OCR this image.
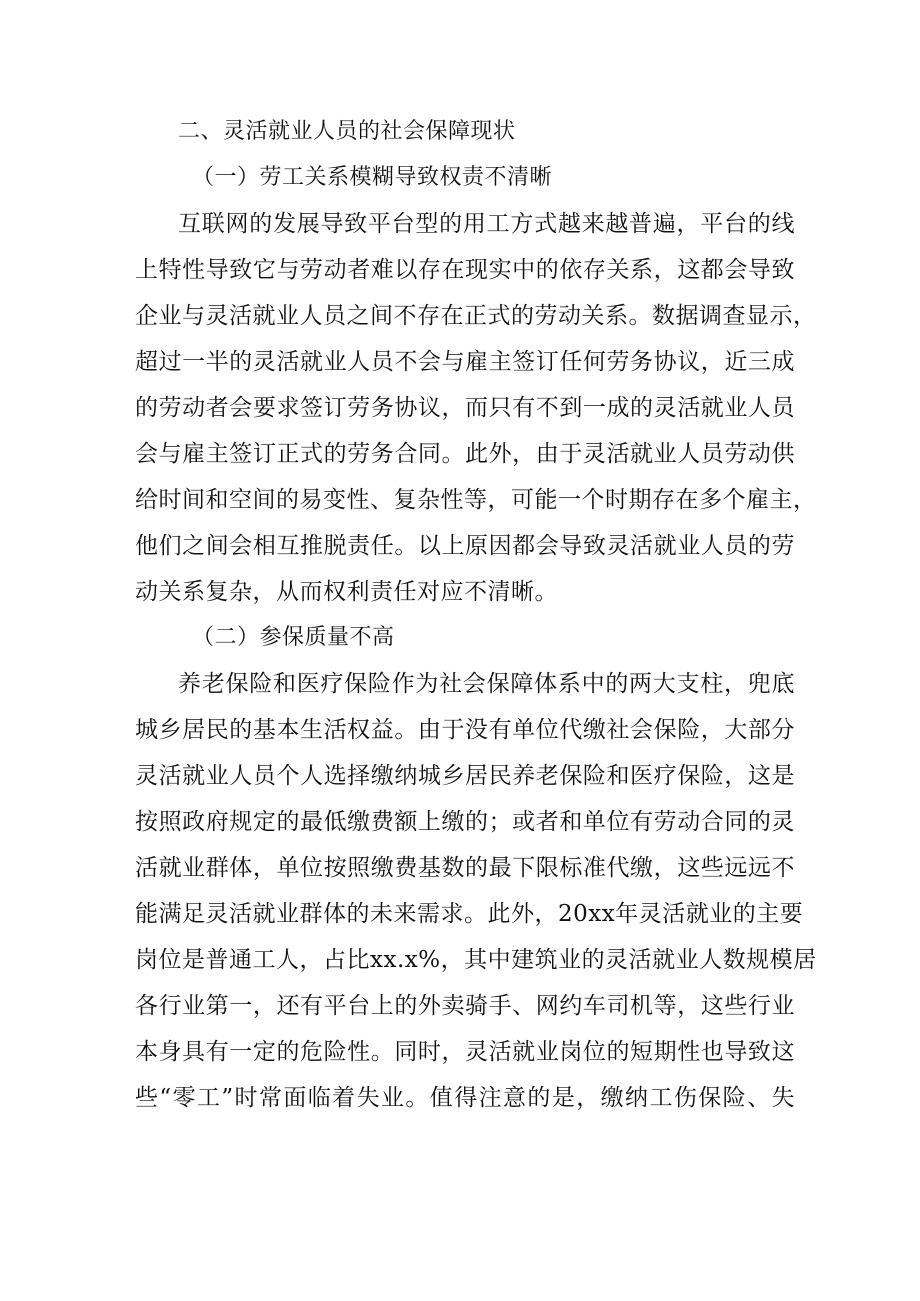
二、灵活就业人员的社会保障现状

（一）劳工关系模糊导致权责不清晰

互联网的发展导致平台型的用工方式越来越普遍，平台的线

上特性导致它与劳动者难以存在现实中的依存关系，这都会导致

企业与灵活就业人员之间不存在正式的劳动关系。数据调查显示，

超过一半的灵活就业人员不会与雇主签订任何劳务协议，近三成

的劳动者会要求签订劳务协议，而只有不到一成的灵活就业人员

会与雇主签订正式的劳务合同。此外，由于灵活就业人员劳动供

给时间和空间的易变性、复杂性等，可能一个时期存在多个雇主，

他们之间会相互推脱责任。以上原因都会导致灵活就业人员的劳

动关系复杂，从而权利责任对应不清晰。

（二）参保质量不高

养老保险和医疗保险作为社会保障体系中的两大支柱，兜底

城乡居民的基本生活权益。由于没有单位代缴社会保险，大部分

灵活就业人员个人选择缴纳城乡居民养老保险和医疗保险，这是

按照政府规定的最低缴费额上缴的；或者和单位有劳动合同的灵

活就业群体，单位按照缴费基数的最下限标准代缴，这些远远不

能满足灵活就业群体的未来需求。此外，20xx年灵活就业的主要

岗位是普通工人，占比xx.x%，其中建筑业的灵活就业人数规模居

各行业第一，还有平台上的外卖骑手、网约车司机等，这些行业

本身具有一定的危险性。同时，灵活就业岗位的短期性也导致这

些“零工”时常面临着失业。值得注意的是，缴纳工伤保险、失
